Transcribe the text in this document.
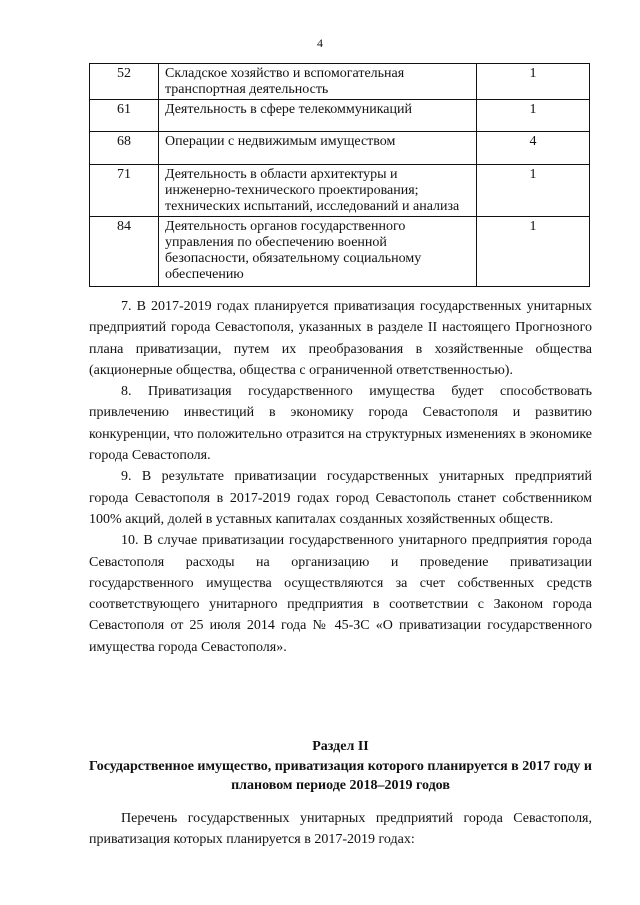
4
52	Складское хозяйство и вспомогательная транспортная деятельность	1
61	Деятельность в сфере телекоммуникаций	1
68	Операции с недвижимым имуществом	4
71	Деятельность в области архитектуры и инженерно-технического проектирования; технических испытаний, исследований и анализа	1
84	Деятельность органов государственного управления по обеспечению военной безопасности, обязательному социальному обеспечению	1

7. В 2017-2019 годах планируется приватизация государственных унитарных предприятий города Севастополя, указанных в разделе II настоящего Прогнозного плана приватизации, путем их преобразования в хозяйственные общества (акционерные общества, общества с ограниченной ответственностью).

8. Приватизация государственного имущества будет способствовать привлечению инвестиций в экономику города Севастополя и развитию конкуренции, что положительно отразится на структурных изменениях в экономике города Севастополя.

9. В результате приватизации государственных унитарных предприятий города Севастополя в 2017-2019 годах город Севастополь станет собственником 100% акций, долей в уставных капиталах созданных хозяйственных обществ.

10. В случае приватизации государственного унитарного предприятия города Севастополя расходы на организацию и проведение приватизации государственного имущества осуществляются за счет собственных средств соответствующего унитарного предприятия в соответствии с Законом города Севастополя от 25 июля 2014 года № 45-ЗС «О приватизации государственного имущества города Севастополя».

Раздел II
Государственное имущество, приватизация которого планируется в 2017 году и плановом периоде 2018–2019 годов

Перечень государственных унитарных предприятий города Севастополя, приватизация которых планируется в 2017-2019 годах:
